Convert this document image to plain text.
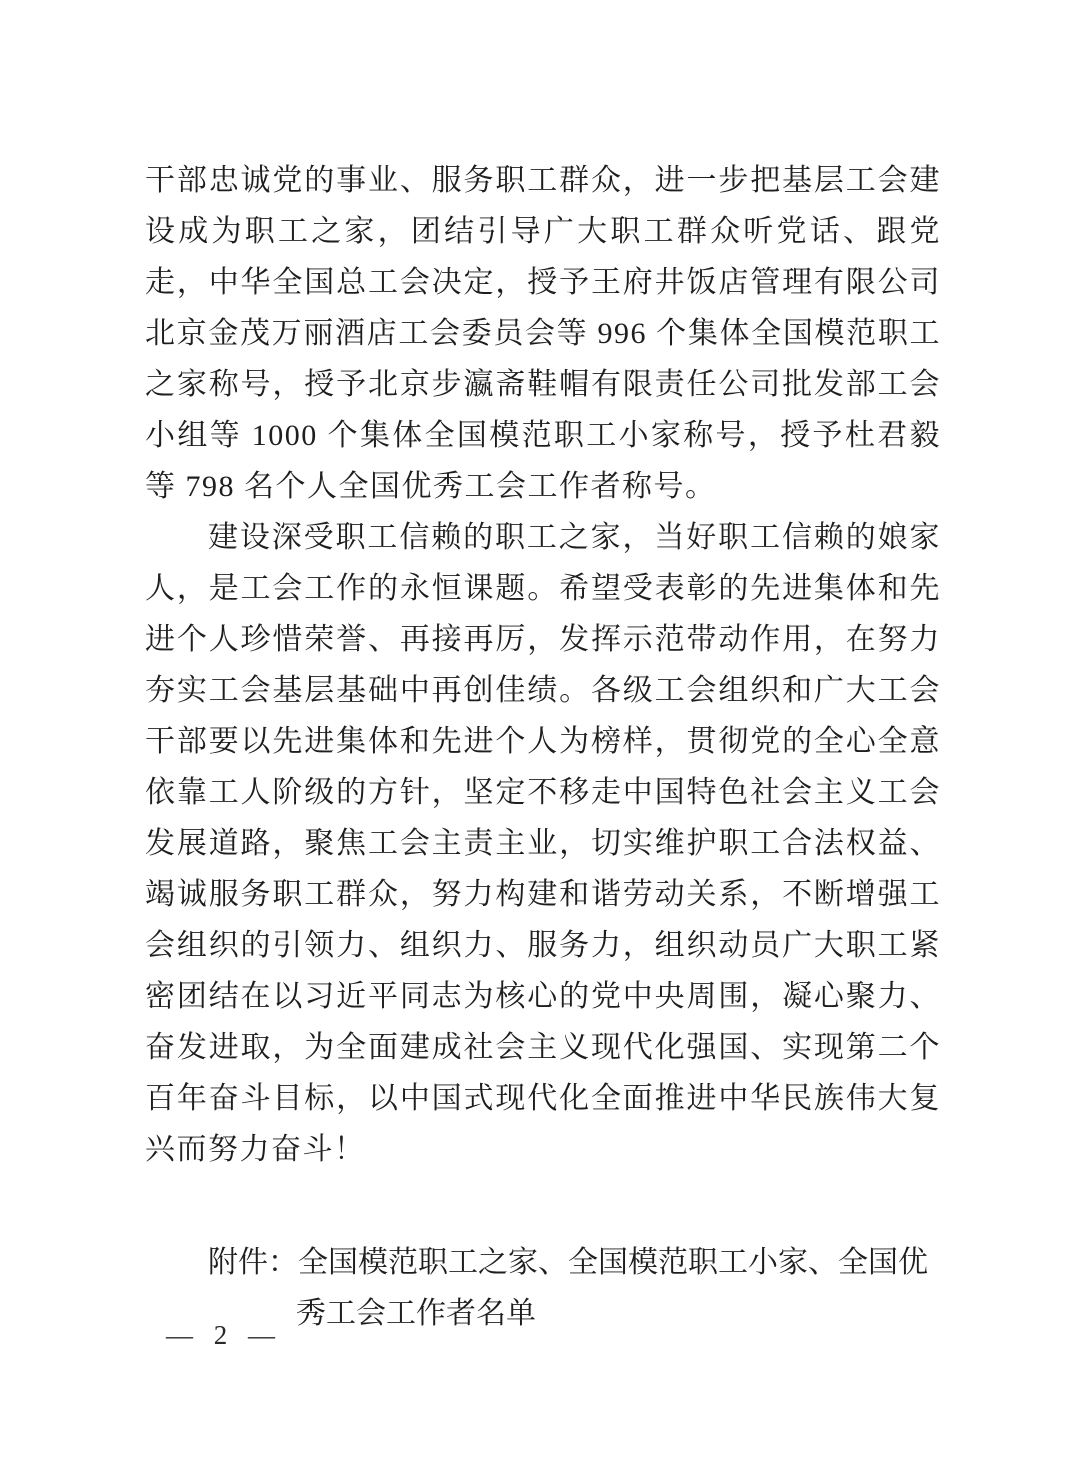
干部忠诚党的事业、服务职工群众，进一步把基层工会建设成为职工之家，团结引导广大职工群众听党话、跟党走，中华全国总工会决定，授予王府井饭店管理有限公司北京金茂万丽酒店工会委员会等 996 个集体全国模范职工之家称号，授予北京步瀛斋鞋帽有限责任公司批发部工会小组等 1000 个集体全国模范职工小家称号，授予杜君毅等 798 名个人全国优秀工会工作者称号。

建设深受职工信赖的职工之家，当好职工信赖的娘家人，是工会工作的永恒课题。希望受表彰的先进集体和先进个人珍惜荣誉、再接再厉，发挥示范带动作用，在努力夯实工会基层基础中再创佳绩。各级工会组织和广大工会干部要以先进集体和先进个人为榜样，贯彻党的全心全意依靠工人阶级的方针，坚定不移走中国特色社会主义工会发展道路，聚焦工会主责主业，切实维护职工合法权益、竭诚服务职工群众，努力构建和谐劳动关系，不断增强工会组织的引领力、组织力、服务力，组织动员广大职工紧密团结在以习近平同志为核心的党中央周围，凝心聚力、奋发进取，为全面建成社会主义现代化强国、实现第二个百年奋斗目标，以中国式现代化全面推进中华民族伟大复兴而努力奋斗！

附件：全国模范职工之家、全国模范职工小家、全国优秀工会工作者名单

— 2 —
